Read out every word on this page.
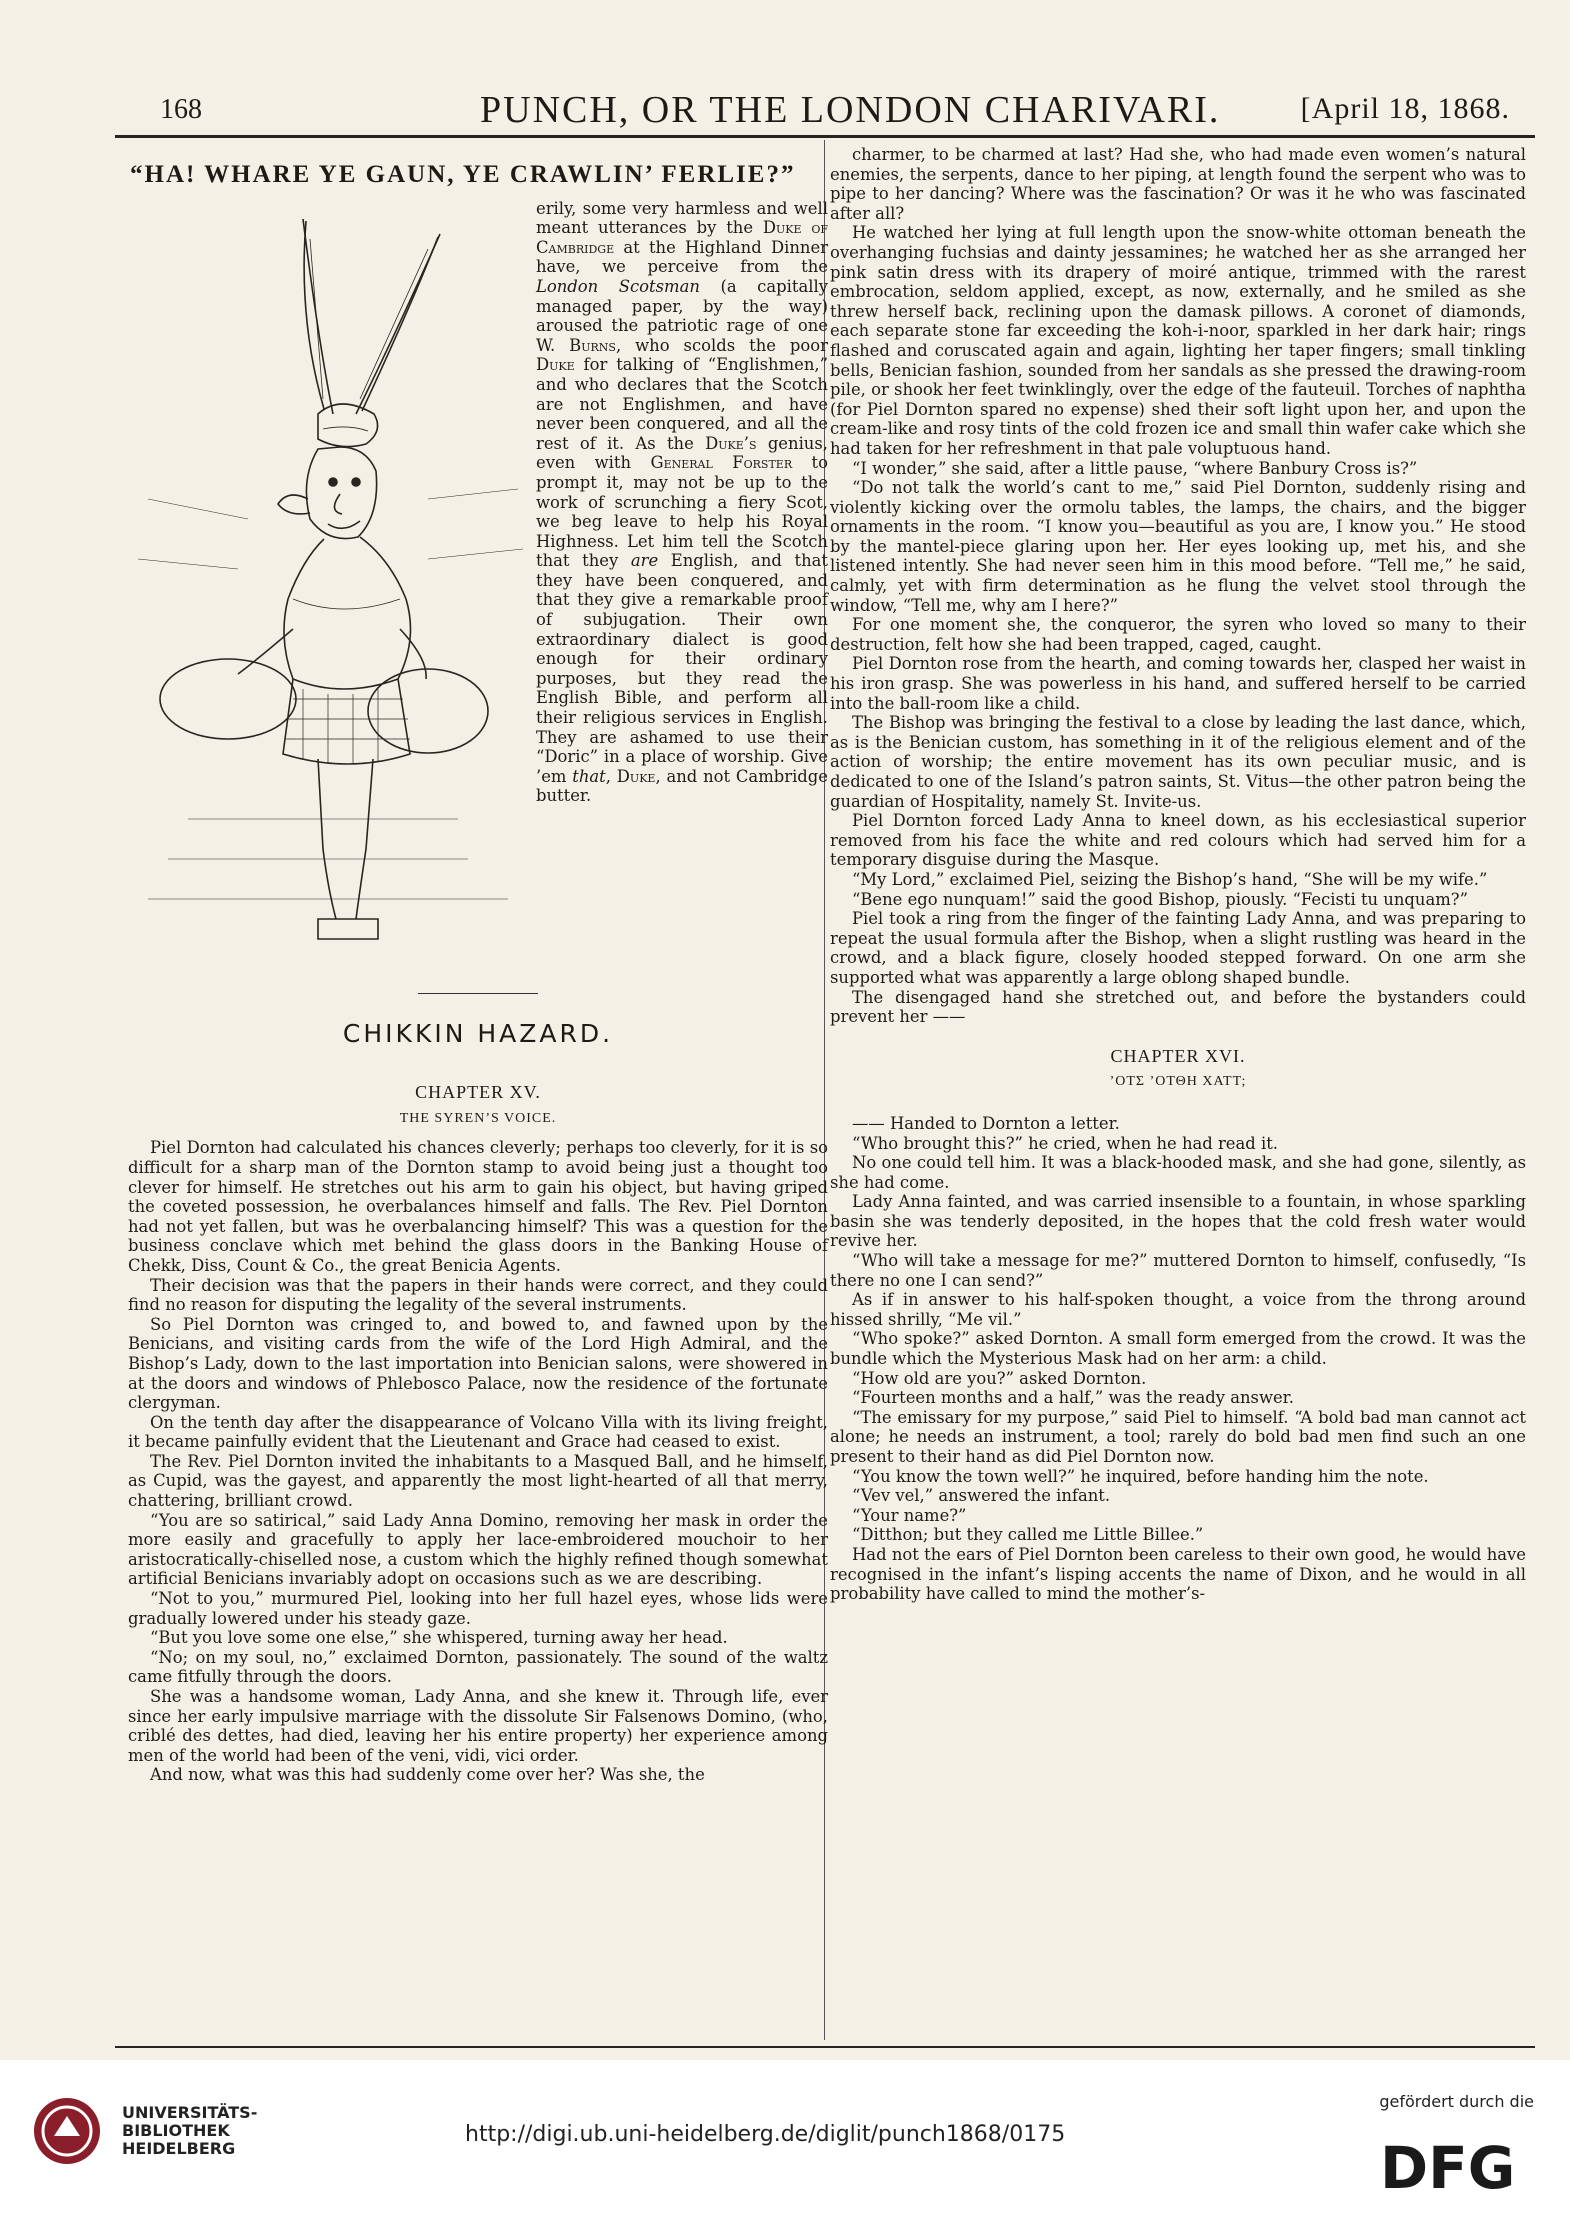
168	PUNCH, OR THE LONDON CHARIVARI.	[April 18, 1868.
“HA! WHARE YE GAUN, YE CRAWLIN’ FERLIE?”

erily, some very harmless and well meant utterances by the Duke of Cambridge at the Highland Dinner have, we perceive from the London Scotsman (a capitally managed paper, by the way) aroused the patriotic rage of one W. Burns, who scolds the poor Duke for talking of “Englishmen,” and who declares that the Scotch are not Englishmen, and have never been conquered, and all the rest of it. As the Duke’s genius, even with General Forster to prompt it, may not be up to the work of scrunching a fiery Scot, we beg leave to help his Royal Highness. Let him tell the Scotch that they are English, and that they have been conquered, and that they give a remarkable proof of subjugation. Their own extraordinary dialect is good enough for their ordinary purposes, but they read the English Bible, and perform all their religious services in English. They are ashamed to use their “Doric” in a place of worship. Give ’em that, Duke, and not Cambridge butter.

CHIKKIN HAZARD.
CHAPTER XV.
THE SYREN’S VOICE.

Piel Dornton had calculated his chances cleverly; perhaps too cleverly, for it is so difficult for a sharp man of the Dornton stamp to avoid being just a thought too clever for himself. He stretches out his arm to gain his object, but having griped the coveted possession, he overbalances himself and falls. The Rev. Piel Dornton had not yet fallen, but was he overbalancing himself? This was a question for the business conclave which met behind the glass doors in the Banking House of Chekk, Diss, Count & Co., the great Benicia Agents.

Their decision was that the papers in their hands were correct, and they could find no reason for disputing the legality of the several instruments.

So Piel Dornton was cringed to, and bowed to, and fawned upon by the Benicians, and visiting cards from the wife of the Lord High Admiral, and the Bishop’s Lady, down to the last importation into Benician salons, were showered in at the doors and windows of Phlebosco Palace, now the residence of the fortunate clergyman.

On the tenth day after the disappearance of Volcano Villa with its living freight, it became painfully evident that the Lieutenant and Grace had ceased to exist.

The Rev. Piel Dornton invited the inhabitants to a Masqued Ball, and he himself, as Cupid, was the gayest, and apparently the most light-hearted of all that merry, chattering, brilliant crowd.

“You are so satirical,” said Lady Anna Domino, removing her mask in order the more easily and gracefully to apply her lace-embroidered mouchoir to her aristocratically-chiselled nose, a custom which the highly refined though somewhat artificial Benicians invariably adopt on occasions such as we are describing.

“Not to you,” murmured Piel, looking into her full hazel eyes, whose lids were gradually lowered under his steady gaze.

“But you love some one else,” she whispered, turning away her head.

“No; on my soul, no,” exclaimed Dornton, passionately. The sound of the waltz came fitfully through the doors.

She was a handsome woman, Lady Anna, and she knew it. Through life, ever since her early impulsive marriage with the dissolute Sir Falsenows Domino, (who, criblé des dettes, had died, leaving her his entire property) her experience among men of the world had been of the veni, vidi, vici order.

And now, what was this had suddenly come over her? Was she, the

charmer, to be charmed at last? Had she, who had made even women’s natural enemies, the serpents, dance to her piping, at length found the serpent who was to pipe to her dancing? Where was the fascination? Or was it he who was fascinated after all?

He watched her lying at full length upon the snow-white ottoman beneath the overhanging fuchsias and dainty jessamines; he watched her as she arranged her pink satin dress with its drapery of moiré antique, trimmed with the rarest embrocation, seldom applied, except, as now, externally, and he smiled as she threw herself back, reclining upon the damask pillows. A coronet of diamonds, each separate stone far exceeding the koh-i-noor, sparkled in her dark hair; rings flashed and coruscated again and again, lighting her taper fingers; small tinkling bells, Benician fashion, sounded from her sandals as she pressed the drawing-room pile, or shook her feet twinklingly, over the edge of the fauteuil. Torches of naphtha (for Piel Dornton spared no expense) shed their soft light upon her, and upon the cream-like and rosy tints of the cold frozen ice and small thin wafer cake which she had taken for her refreshment in that pale voluptuous hand.

“I wonder,” she said, after a little pause, “where Banbury Cross is?”

“Do not talk the world’s cant to me,” said Piel Dornton, suddenly rising and violently kicking over the ormolu tables, the lamps, the chairs, and the bigger ornaments in the room. “I know you—beautiful as you are, I know you.” He stood by the mantel-piece glaring upon her. Her eyes looking up, met his, and she listened intently. She had never seen him in this mood before. “Tell me,” he said, calmly, yet with firm determination as he flung the velvet stool through the window, “Tell me, why am I here?”

For one moment she, the conqueror, the syren who loved so many to their destruction, felt how she had been trapped, caged, caught.

Piel Dornton rose from the hearth, and coming towards her, clasped her waist in his iron grasp. She was powerless in his hand, and suffered herself to be carried into the ball-room like a child.

The Bishop was bringing the festival to a close by leading the last dance, which, as is the Benician custom, has something in it of the religious element and of the action of worship; the entire movement has its own peculiar music, and is dedicated to one of the Island’s patron saints, St. Vitus—the other patron being the guardian of Hospitality, namely St. Invite-us.

Piel Dornton forced Lady Anna to kneel down, as his ecclesiastical superior removed from his face the white and red colours which had served him for a temporary disguise during the Masque.

“My Lord,” exclaimed Piel, seizing the Bishop’s hand, “She will be my wife.”

“Bene ego nunquam!” said the good Bishop, piously. “Fecisti tu unquam?”

Piel took a ring from the finger of the fainting Lady Anna, and was preparing to repeat the usual formula after the Bishop, when a slight rustling was heard in the crowd, and a black figure, closely hooded stepped forward. On one arm she supported what was apparently a large oblong shaped bundle.

The disengaged hand she stretched out, and before the bystanders could prevent her ——

CHAPTER XVI.
’ΟΤΣ ’ΟΤΘΗ ΧΑΤΤ;

—— Handed to Dornton a letter.

“Who brought this?” he cried, when he had read it.

No one could tell him. It was a black-hooded mask, and she had gone, silently, as she had come.

Lady Anna fainted, and was carried insensible to a fountain, in whose sparkling basin she was tenderly deposited, in the hopes that the cold fresh water would revive her.

“Who will take a message for me?” muttered Dornton to himself, confusedly, “Is there no one I can send?”

As if in answer to his half-spoken thought, a voice from the throng around hissed shrilly, “Me vil.”

“Who spoke?” asked Dornton. A small form emerged from the crowd. It was the bundle which the Mysterious Mask had on her arm: a child.

“How old are you?” asked Dornton.

“Fourteen months and a half,” was the ready answer.

“The emissary for my purpose,” said Piel to himself. “A bold bad man cannot act alone; he needs an instrument, a tool; rarely do bold bad men find such an one present to their hand as did Piel Dornton now.

“You know the town well?” he inquired, before handing him the note.

“Vev vel,” answered the infant.

“Your name?”

“Ditthon; but they called me Little Billee.”

Had not the ears of Piel Dornton been careless to their own good, he would have recognised in the infant’s lisping accents the name of Dixon, and he would in all probability have called to mind the mother’s-

UNIVERSITÄTS-
BIBLIOTHEK
HEIDELBERG
http://digi.ub.uni-heidelberg.de/diglit/punch1868/0175
gefördert durch die
DFG
